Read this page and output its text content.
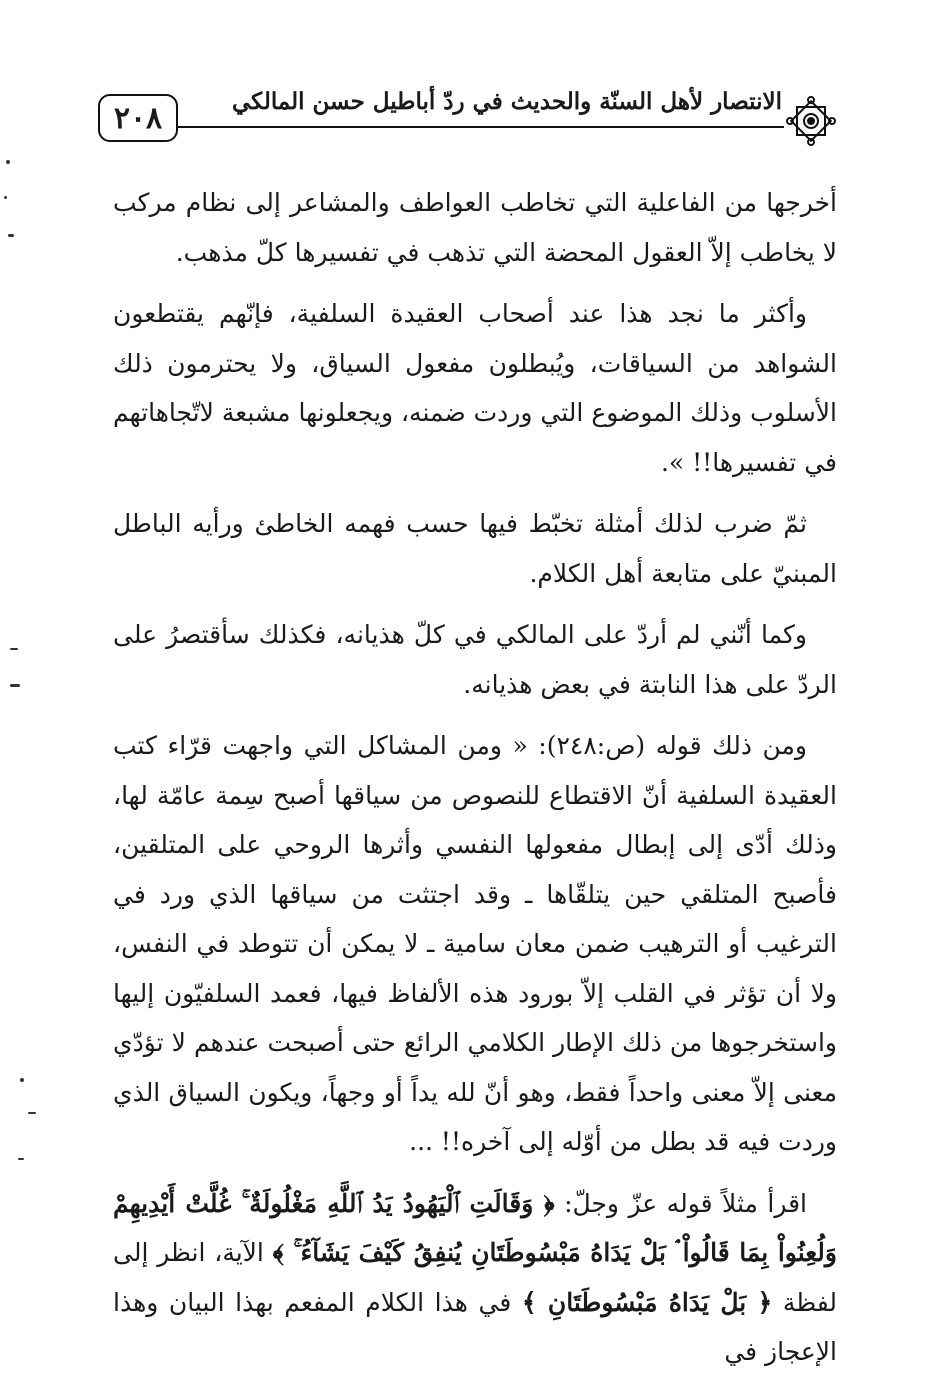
٢٠٨	الانتصار لأهل السنّة والحديث في ردّ أباطيل حسن المالكي

أخرجها من الفاعلية التي تخاطب العواطف والمشاعر إلى نظام مركب لا يخاطب إلاّ العقول المحضة التي تذهب في تفسيرها كلّ مذهب.

وأكثر ما نجد هذا عند أصحاب العقيدة السلفية، فإنّهم يقتطعون الشواهد من السياقات، ويُبطلون مفعول السياق، ولا يحترمون ذلك الأسلوب وذلك الموضوع التي وردت ضمنه، ويجعلونها مشبعة لاتّجاهاتهم في تفسيرها!! ».

ثمّ ضرب لذلك أمثلة تخبّط فيها حسب فهمه الخاطئ ورأيه الباطل المبنيّ على متابعة أهل الكلام.

وكما أنّني لم أردّ على المالكي في كلّ هذيانه، فكذلك سأقتصرُ على الردّ على هذا النابتة في بعض هذيانه.

ومن ذلك قوله (ص:٢٤٨): « ومن المشاكل التي واجهت قرّاء كتب العقيدة السلفية أنّ الاقتطاع للنصوص من سياقها أصبح سِمة عامّة لها، وذلك أدّى إلى إبطال مفعولها النفسي وأثرها الروحي على المتلقين، فأصبح المتلقي حين يتلقّاها ـ وقد اجتثت من سياقها الذي ورد في الترغيب أو الترهيب ضمن معان سامية ـ لا يمكن أن تتوطد في النفس، ولا أن تؤثر في القلب إلاّ بورود هذه الألفاظ فيها، فعمد السلفيّون إليها واستخرجوها من ذلك الإطار الكلامي الرائع حتى أصبحت عندهم لا تؤدّي معنى إلاّ معنى واحداً فقط، وهو أنّ لله يداً أو وجهاً، ويكون السياق الذي وردت فيه قد بطل من أوّله إلى آخره!! ...

اقرأ مثلاً قوله عزّ وجلّ: ﴿ وَقَالَتِ ٱلْيَهُودُ يَدُ ٱللَّهِ مَغْلُولَةٌ ۚ غُلَّتْ أَيْدِيهِمْ وَلُعِنُواْ بِمَا قَالُواْ ۘ بَلْ يَدَاهُ مَبْسُوطَتَانِ يُنفِقُ كَيْفَ يَشَآءُ ۚ ﴾ الآية، انظر إلى لفظة ﴿ بَلْ يَدَاهُ مَبْسُوطَتَانِ ﴾ في هذا الكلام المفعم بهذا البيان وهذا الإعجاز في
